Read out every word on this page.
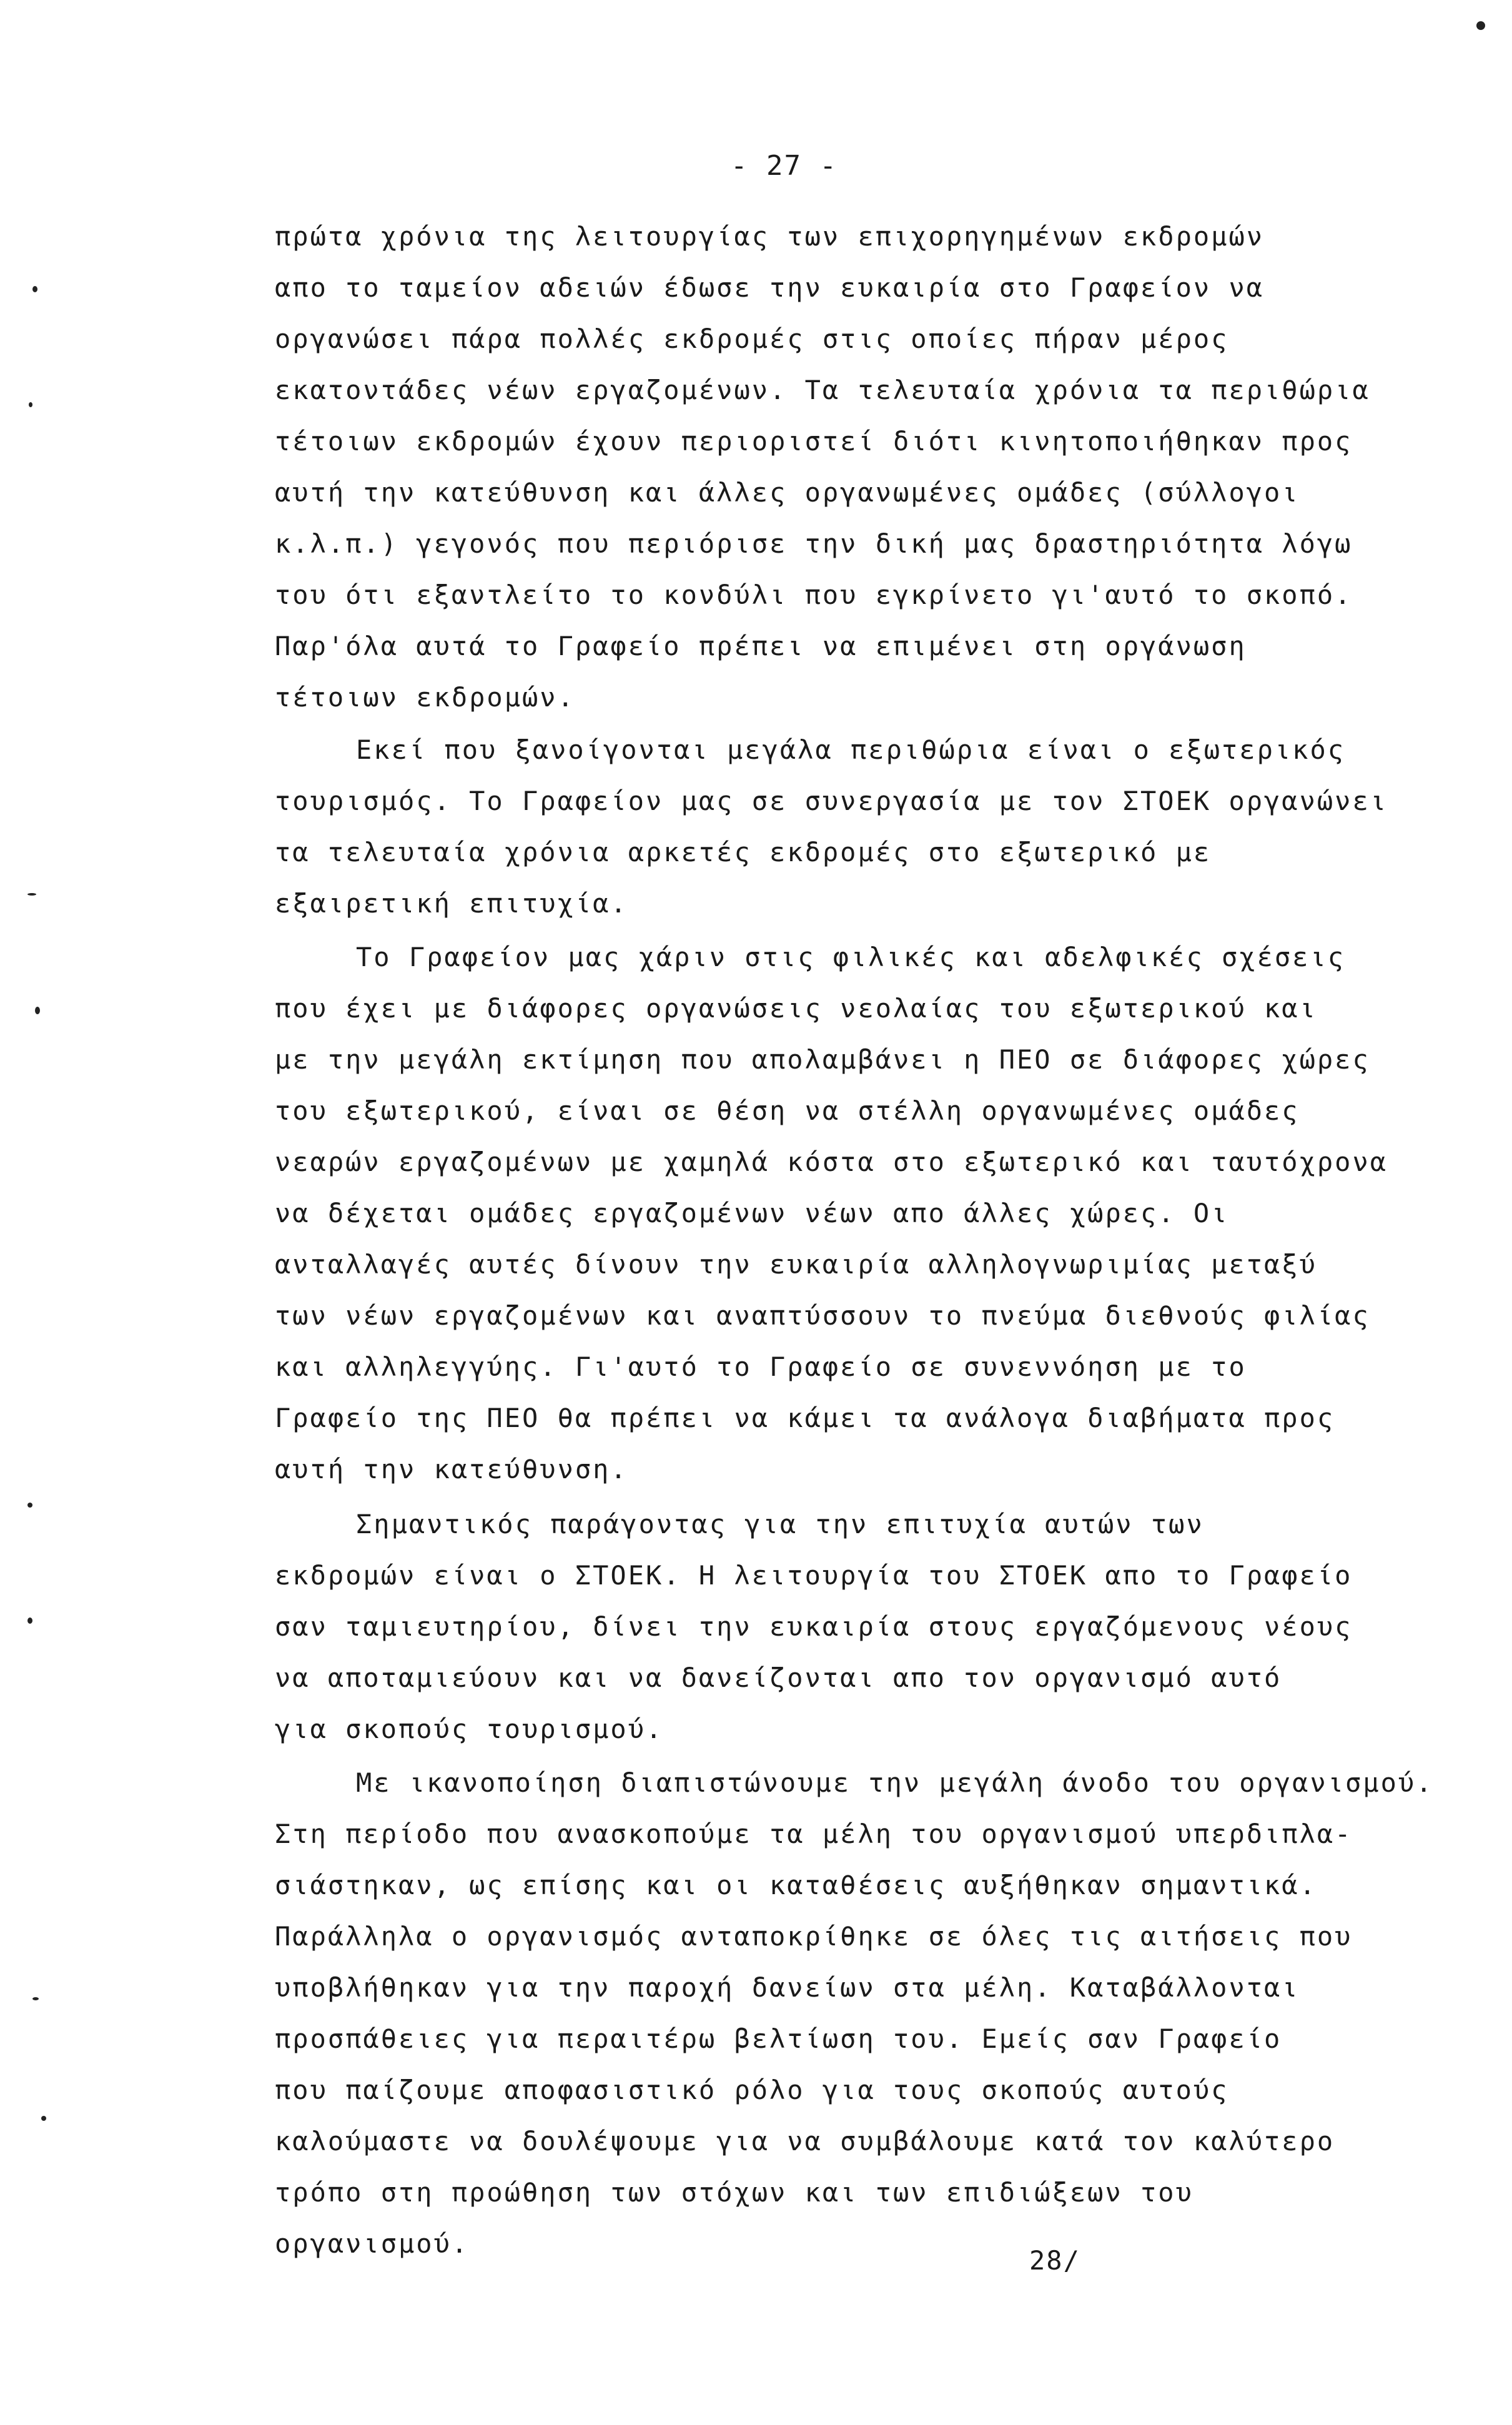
- 27 -
πρώτα χρόνια της λειτουργίας των επιχορηγημένων εκδρομών
απο το ταμείον αδειών έδωσε την ευκαιρία στο Γραφείον να
οργανώσει πάρα πολλές εκδρομές στις οποίες πήραν μέρος
εκατοντάδες νέων εργαζομένων. Τα τελευταία χρόνια τα περιθώρια
τέτοιων εκδρομών έχουν περιοριστεί διότι κινητοποιήθηκαν προς
αυτή την κατεύθυνση και άλλες οργανωμένες ομάδες (σύλλογοι
κ.λ.π.) γεγονός που περιόρισε την δική μας δραστηριότητα λόγω
του ότι εξαντλείτο το κονδύλι που εγκρίνετο γι'αυτό το σκοπό.
Παρ'όλα αυτά το Γραφείο πρέπει να επιμένει στη οργάνωση
τέτοιων εκδρομών.
Εκεί που ξανοίγονται μεγάλα περιθώρια είναι ο εξωτερικός
τουρισμός. Το Γραφείον μας σε συνεργασία με τον ΣΤΟΕΚ οργανώνει
τα τελευταία χρόνια αρκετές εκδρομές στο εξωτερικό με
εξαιρετική επιτυχία.
Το Γραφείον μας χάριν στις φιλικές και αδελφικές σχέσεις
που έχει με διάφορες οργανώσεις νεολαίας του εξωτερικού και
με την μεγάλη εκτίμηση που απολαμβάνει η ΠΕΟ σε διάφορες χώρες
του εξωτερικού, είναι σε θέση να στέλλη οργανωμένες ομάδες
νεαρών εργαζομένων με χαμηλά κόστα στο εξωτερικό και ταυτόχρονα
να δέχεται ομάδες εργαζομένων νέων απο άλλες χώρες. Οι
ανταλλαγές αυτές δίνουν την ευκαιρία αλληλογνωριμίας μεταξύ
των νέων εργαζομένων και αναπτύσσουν το πνεύμα διεθνούς φιλίας
και αλληλεγγύης. Γι'αυτό το Γραφείο σε συνεννόηση με το
Γραφείο της ΠΕΟ θα πρέπει να κάμει τα ανάλογα διαβήματα προς
αυτή την κατεύθυνση.
Σημαντικός παράγοντας για την επιτυχία αυτών των
εκδρομών είναι ο ΣΤΟΕΚ. Η λειτουργία του ΣΤΟΕΚ απο το Γραφείο
σαν ταμιευτηρίου, δίνει την ευκαιρία στους εργαζόμενους νέους
να αποταμιεύουν και να δανείζονται απο τον οργανισμό αυτό
για σκοπούς τουρισμού.
Με ικανοποίηση διαπιστώνουμε την μεγάλη άνοδο του οργανισμού.
Στη περίοδο που ανασκοπούμε τα μέλη του οργανισμού υπερδιπλα-
σιάστηκαν, ως επίσης και οι καταθέσεις αυξήθηκαν σημαντικά.
Παράλληλα ο οργανισμός ανταποκρίθηκε σε όλες τις αιτήσεις που
υποβλήθηκαν για την παροχή δανείων στα μέλη. Καταβάλλονται
προσπάθειες για περαιτέρω βελτίωση του. Εμείς σαν Γραφείο
που παίζουμε αποφασιστικό ρόλο για τους σκοπούς αυτούς
καλούμαστε να δουλέψουμε για να συμβάλουμε κατά τον καλύτερο
τρόπο στη προώθηση των στόχων και των επιδιώξεων του
οργανισμού.
28/
